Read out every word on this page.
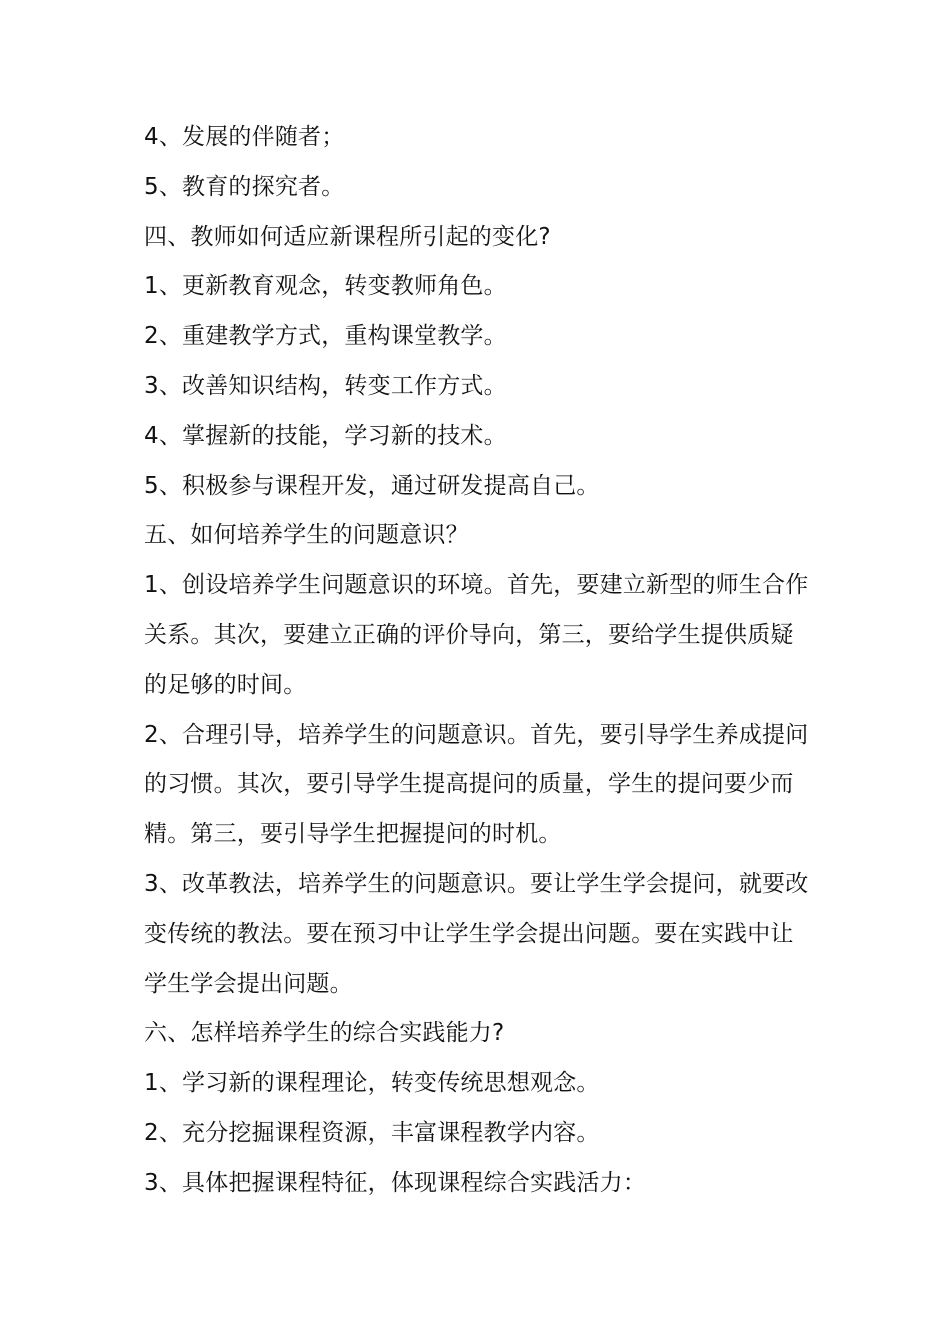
4、发展的伴随者；

5、教育的探究者。

四、教师如何适应新课程所引起的变化?

1、更新教育观念，转变教师角色。

2、重建教学方式，重构课堂教学。

3、改善知识结构，转变工作方式。

4、掌握新的技能，学习新的技术。

5、积极参与课程开发，通过研发提高自己。

五、如何培养学生的问题意识？

1、创设培养学生问题意识的环境。首先，要建立新型的师生合作关系。其次，要建立正确的评价导向，第三，要给学生提供质疑的足够的时间。

2、合理引导，培养学生的问题意识。首先，要引导学生养成提问的习惯。其次，要引导学生提高提问的质量，学生的提问要少而精。第三，要引导学生把握提问的时机。

3、改革教法，培养学生的问题意识。要让学生学会提问，就要改变传统的教法。要在预习中让学生学会提出问题。要在实践中让学生学会提出问题。

六、怎样培养学生的综合实践能力?

1、学习新的课程理论，转变传统思想观念。

2、充分挖掘课程资源，丰富课程教学内容。

3、具体把握课程特征，体现课程综合实践活力：
